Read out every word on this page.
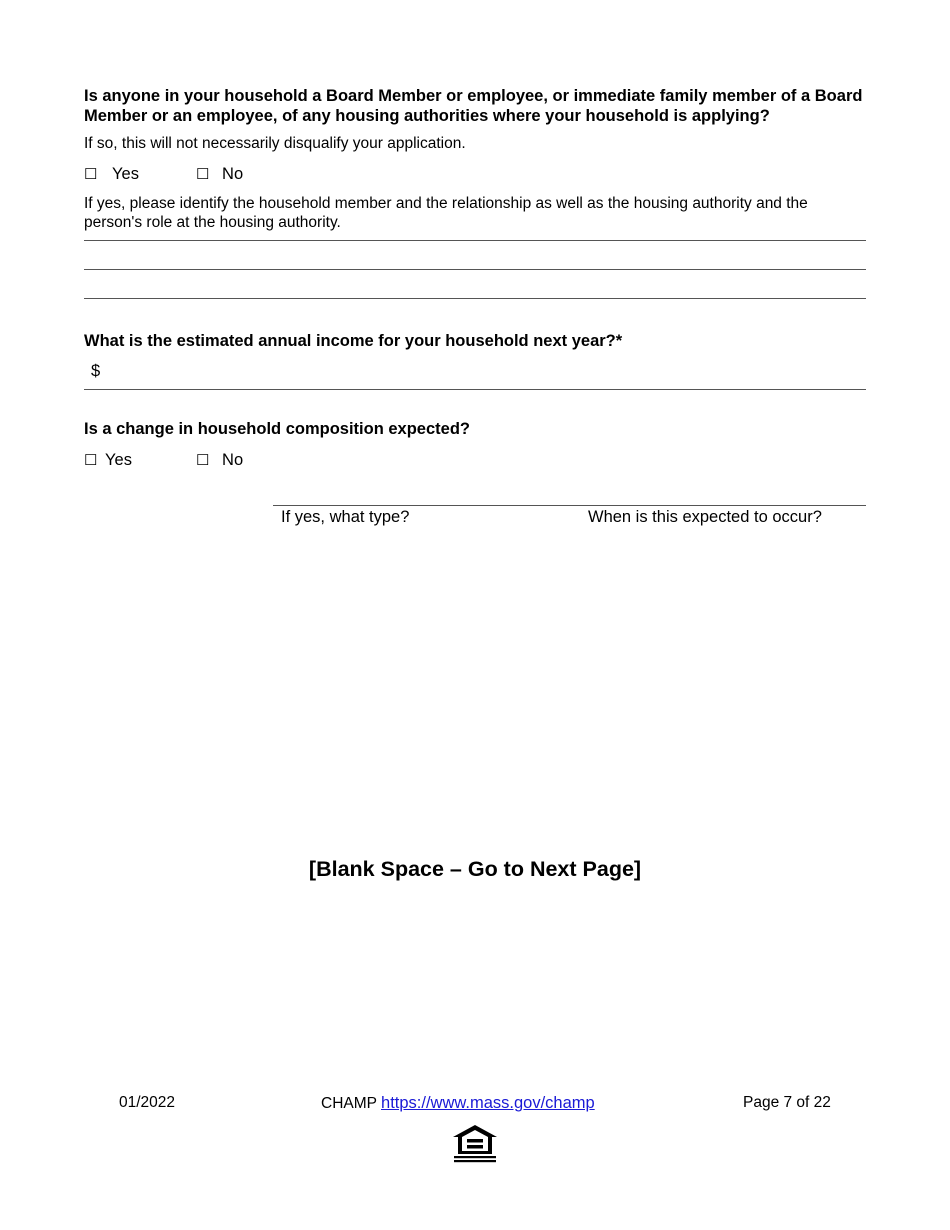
Is anyone in your household a Board Member or employee, or immediate family member of a Board Member or an employee, of any housing authorities where your household is applying?
If so, this will not necessarily disqualify your application.
☐ Yes	☐ No
If yes, please identify the household member and the relationship as well as the housing authority and the person's role at the housing authority.
What is the estimated annual income for your household next year?*
$
Is a change in household composition expected?
☐ Yes	☐ No
If yes, what type?	When is this expected to occur?
[Blank Space – Go to Next Page]
01/2022	CHAMP https://www.mass.gov/champ	Page 7 of 22
